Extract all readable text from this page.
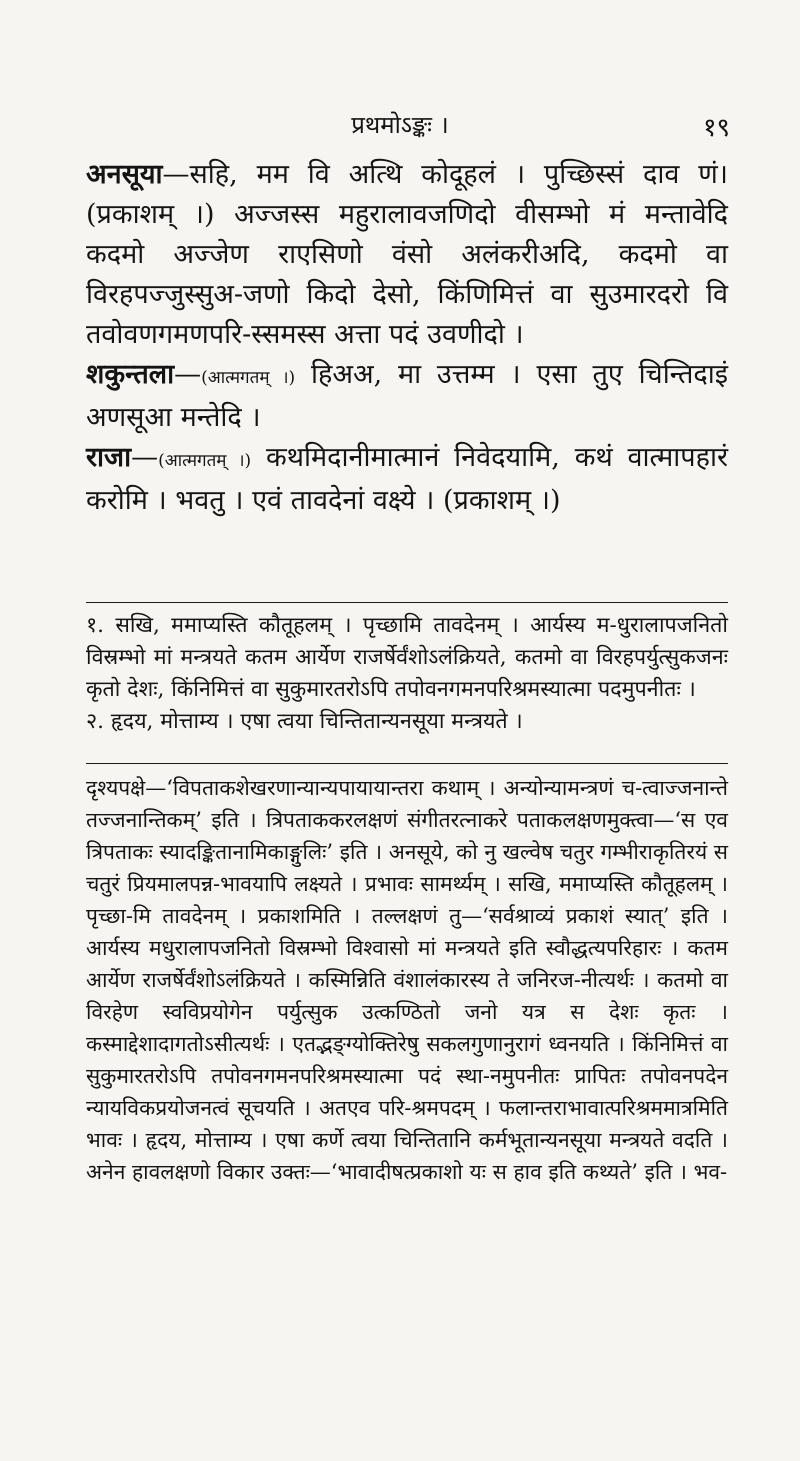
प्रथमोऽङ्कः ।	१९

अनसूया—सहि, मम वि अत्थि कोदूहलं । पुच्छिस्सं दाव णं। (प्रकाशम् ।) अज्जस्स महुरालावजणिदो वीसम्भो मं मन्तावेदि कदमो अज्जेण राएसिणो वंसो अलंकरीअदि, कदमो वा विरहपज्जुस्सुअ-जणो किदो देसो, किंणिमित्तं वा सुउमारदरो वि तवोवणगमणपरि-स्समस्स अत्ता पदं उवणीदो ।

शकुन्तला—(आत्मगतम् ।) हिअअ, मा उत्तम्म । एसा तुए चिन्तिदाइं अणसूआ मन्तेदि ।

राजा—(आत्मगतम् ।) कथमिदानीमात्मानं निवेदयामि, कथं वात्मापहारं करोमि । भवतु । एवं तावदेनां वक्ष्ये । (प्रकाशम् ।)

१. सखि, ममाप्यस्ति कौतूहलम् । पृच्छामि तावदेनम् । आर्यस्य म-धुरालापजनितो विस्रम्भो मां मन्त्रयते कतम आर्येण राजर्षेर्वंशोऽलंक्रियते, कतमो वा विरहपर्युत्सुकजनः कृतो देशः, किंनिमित्तं वा सुकुमारतरोऽपि तपोवनगमनपरिश्रमस्यात्मा पदमुपनीतः ।

२. हृदय, मोत्ताम्य । एषा त्वया चिन्तितान्यनसूया मन्त्रयते ।

दृश्यपक्षे—‘विपताकशेखरणान्यान्यपायायान्तरा कथाम् । अन्योन्यामन्त्रणं च-त्वाज्जनान्ते तज्जनान्तिकम्’ इति । त्रिपताककरलक्षणं संगीतरत्नाकरे पताकलक्षणमुक्त्वा—‘स एव त्रिपताकः स्यादङ्कितानामिकाङ्गुलिः’ इति । अनसूये, को नु खल्वेष चतुर गम्भीराकृतिरयं स चतुरं प्रियमालपन्न-भावयापि लक्ष्यते । प्रभावः सामर्थ्यम् । सखि, ममाप्यस्ति कौतूहलम् । पृच्छा-मि तावदेनम् । प्रकाशमिति । तल्लक्षणं तु—‘सर्वश्राव्यं प्रकाशं स्यात्’ इति । आर्यस्य मधुरालापजनितो विस्रम्भो विश्वासो मां मन्त्रयते इति स्वौद्धत्यपरिहारः । कतम आर्येण राजर्षेर्वंशोऽलंक्रियते । कस्मिन्निति वंशालंकारस्य ते जनिरज-नीत्यर्थः । कतमो वा विरहेण स्वविप्रयोगेन पर्युत्सुक उत्कण्ठितो जनो यत्र स देशः कृतः । कस्माद्देशादागतोऽसीत्यर्थः । एतद्भङ्ग्योक्तिरेषु सकलगुणानुरागं ध्वनयति । किंनिमित्तं वा सुकुमारतरोऽपि तपोवनगमनपरिश्रमस्यात्मा पदं स्था-नमुपनीतः प्रापितः तपोवनपदेन न्यायविकप्रयोजनत्वं सूचयति । अतएव परि-श्रमपदम् । फलान्तराभावात्परिश्रममात्रमिति भावः । हृदय, मोत्ताम्य । एषा कर्णे त्वया चिन्तितानि कर्मभूतान्यनसूया मन्त्रयते वदति । अनेन हावलक्षणो विकार उक्तः—‘भावादीषत्प्रकाशो यः स हाव इति कथ्यते’ इति । भव-
